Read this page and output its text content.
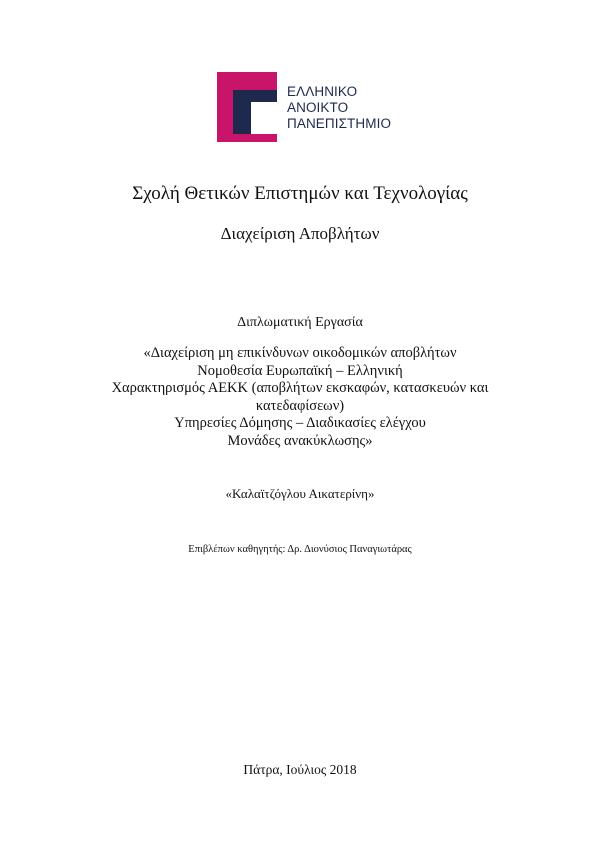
ΕΛΛΗΝΙΚΟ
ΑΝΟΙΚΤΟ
ΠΑΝΕΠΙΣΤΗΜΙΟ
Σχολή Θετικών Επιστημών και Τεχνολογίας
Διαχείριση Αποβλήτων
Διπλωματική Εργασία
«Διαχείριση μη επικίνδυνων οικοδομικών αποβλήτων
Νομοθεσία Ευρωπαϊκή – Ελληνική
Χαρακτηρισμός ΑΕΚΚ (αποβλήτων εκσκαφών, κατασκευών και
κατεδαφίσεων)
Υπηρεσίες Δόμησης – Διαδικασίες ελέγχου
Μονάδες ανακύκλωσης»
«Καλαϊτζόγλου Αικατερίνη»
Επιβλέπων καθηγητής: Δρ. Διονύσιος Παναγιωτάρας
Πάτρα, Ιούλιος 2018
